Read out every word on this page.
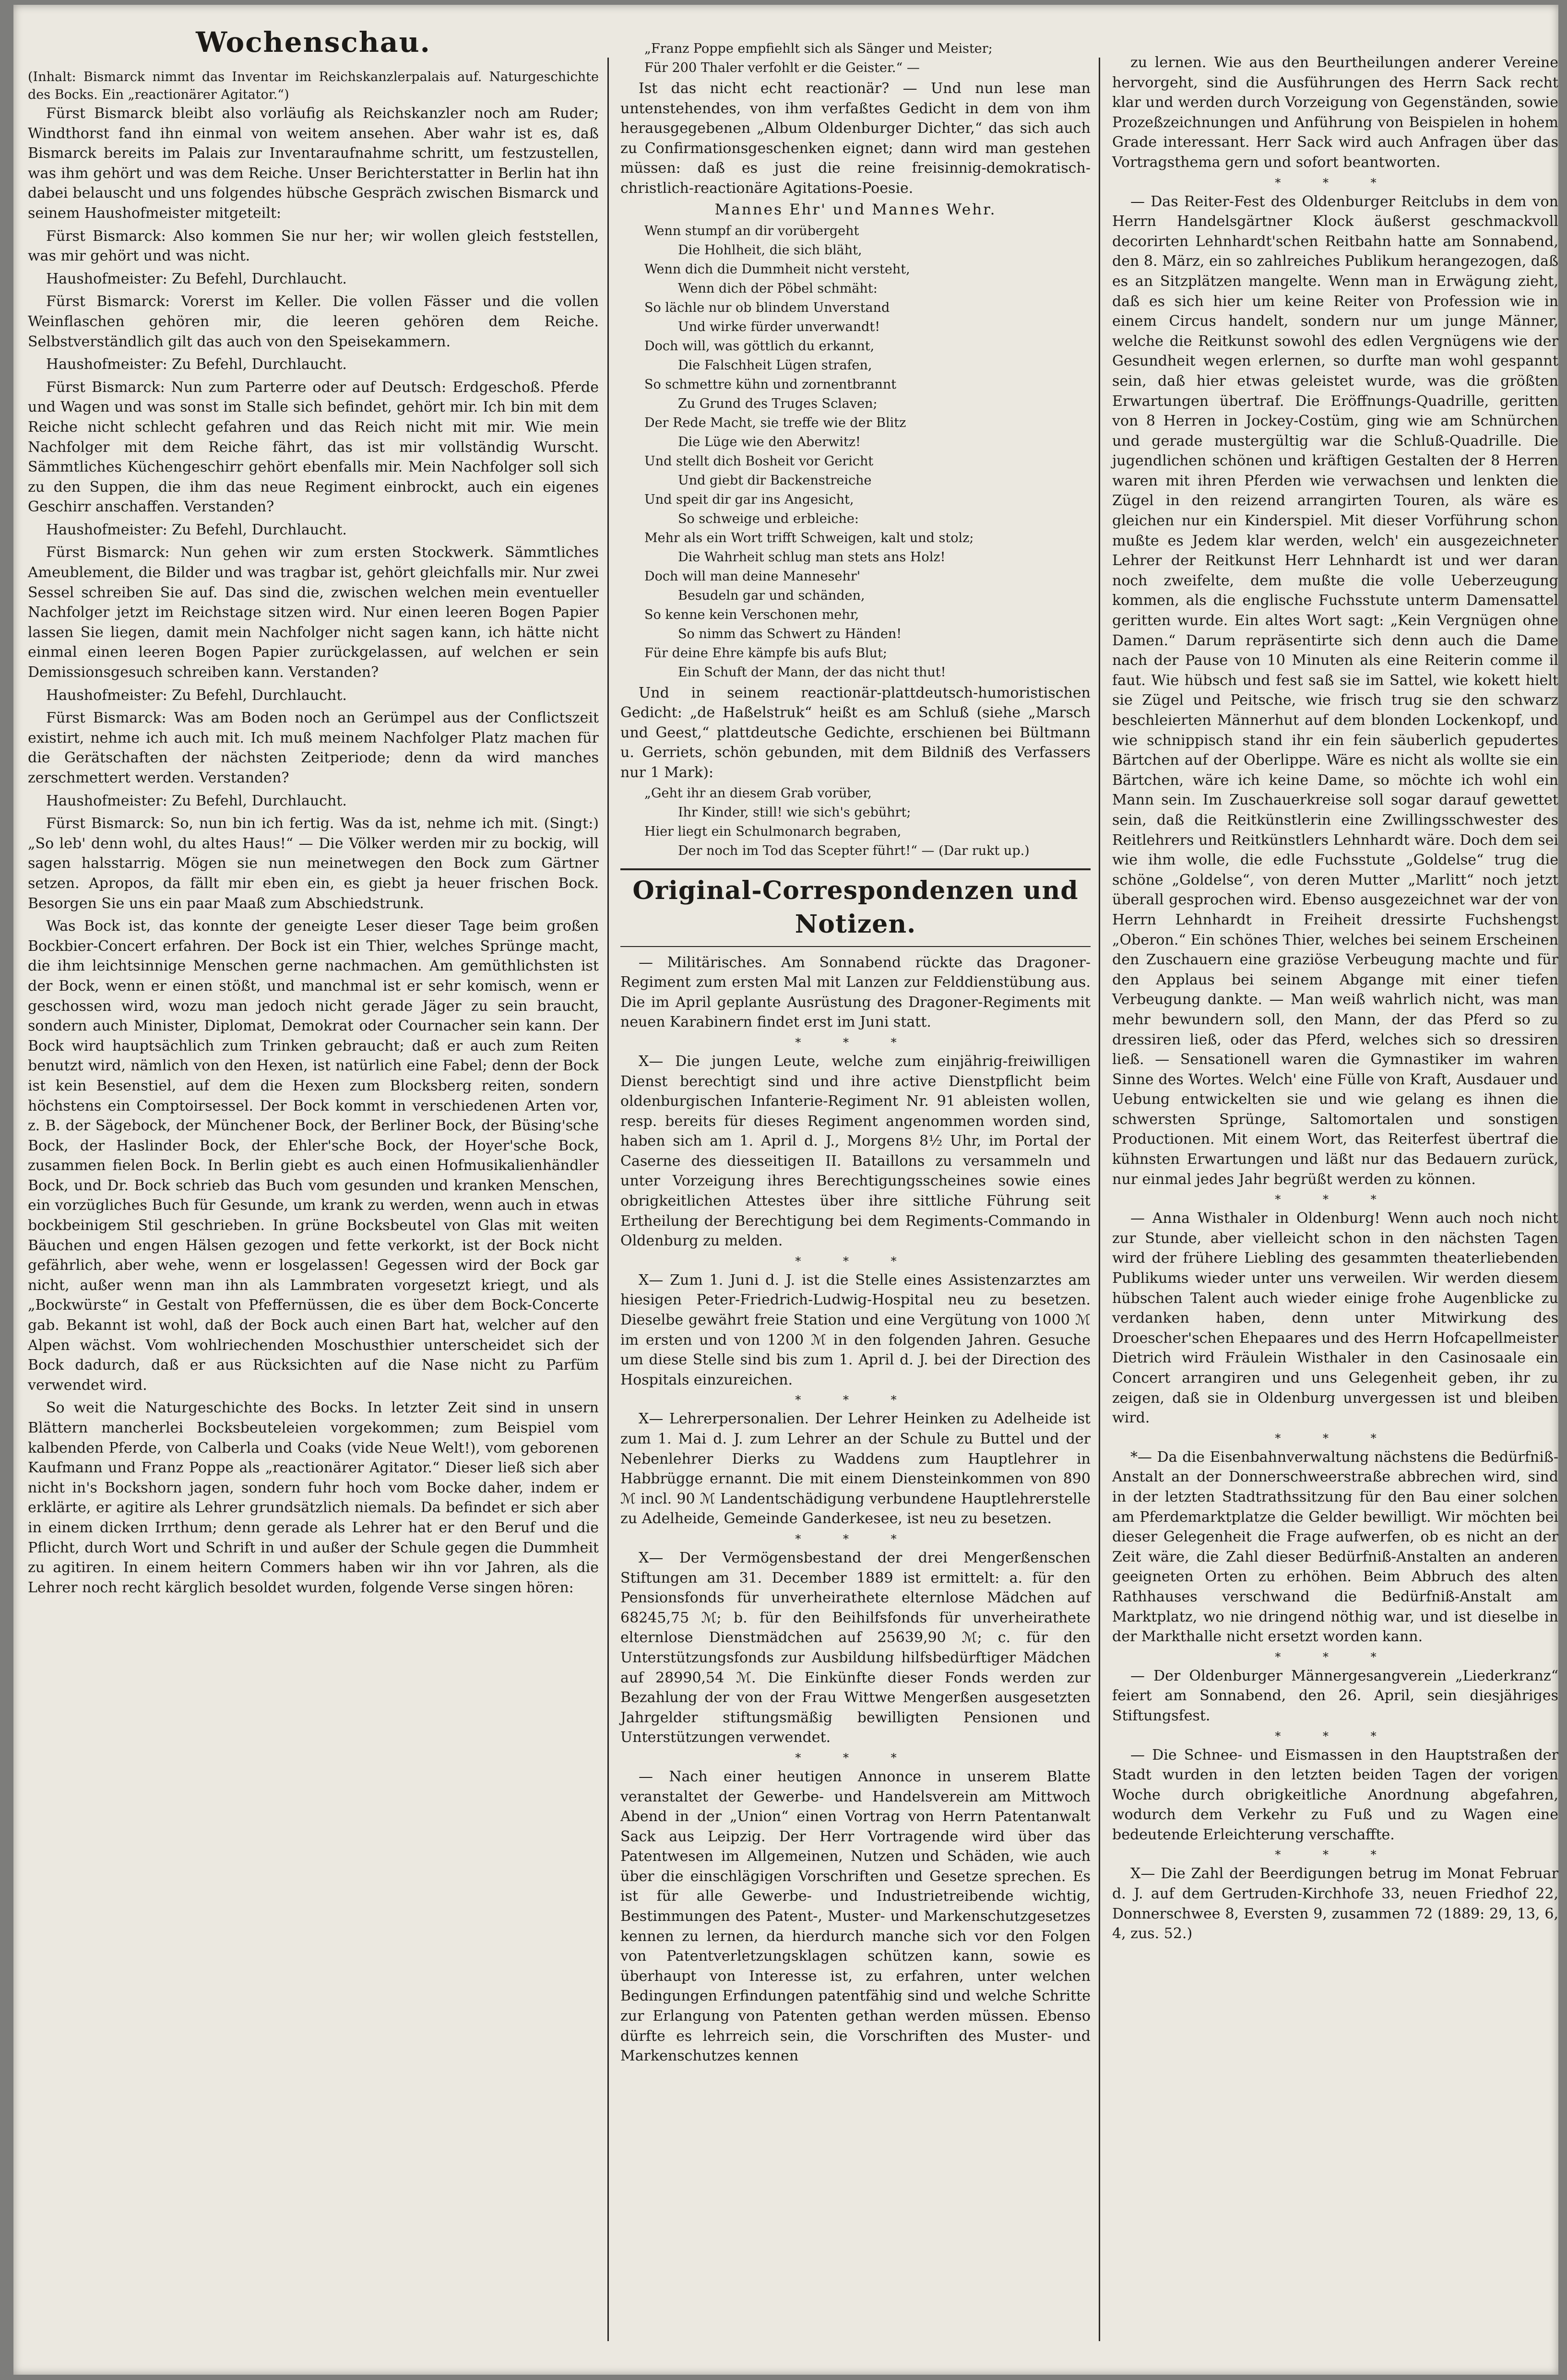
Wochenschau.

(Inhalt: Bismarck nimmt das Inventar im Reichskanzlerpalais auf. Naturgeschichte des Bocks. Ein „reactionärer Agitator.“)

Fürst Bismarck bleibt also vorläufig als Reichskanzler noch am Ruder; Windthorst fand ihn einmal von weitem ansehen. Aber wahr ist es, daß Bismarck bereits im Palais zur Inventaraufnahme schritt, um festzustellen, was ihm gehört und was dem Reiche. Unser Berichterstatter in Berlin hat ihn dabei belauscht und uns folgendes hübsche Gespräch zwischen Bismarck und seinem Haushofmeister mitgeteilt:

Fürst Bismarck: Also kommen Sie nur her; wir wollen gleich feststellen, was mir gehört und was nicht.

Haushofmeister: Zu Befehl, Durchlaucht.

Fürst Bismarck: Vorerst im Keller. Die vollen Fässer und die vollen Weinflaschen gehören mir, die leeren gehören dem Reiche. Selbstverständlich gilt das auch von den Speisekammern.

Haushofmeister: Zu Befehl, Durchlaucht.

Fürst Bismarck: Nun zum Parterre oder auf Deutsch: Erdgeschoß. Pferde und Wagen und was sonst im Stalle sich befindet, gehört mir. Ich bin mit dem Reiche nicht schlecht gefahren und das Reich nicht mit mir. Wie mein Nachfolger mit dem Reiche fährt, das ist mir vollständig Wurscht. Sämmtliches Küchengeschirr gehört ebenfalls mir. Mein Nachfolger soll sich zu den Suppen, die ihm das neue Regiment einbrockt, auch ein eigenes Geschirr anschaffen. Verstanden?

Haushofmeister: Zu Befehl, Durchlaucht.

Fürst Bismarck: Nun gehen wir zum ersten Stockwerk. Sämmtliches Ameublement, die Bilder und was tragbar ist, gehört gleichfalls mir. Nur zwei Sessel schreiben Sie auf. Das sind die, zwischen welchen mein eventueller Nachfolger jetzt im Reichstage sitzen wird. Nur einen leeren Bogen Papier lassen Sie liegen, damit mein Nachfolger nicht sagen kann, ich hätte nicht einmal einen leeren Bogen Papier zurückgelassen, auf welchen er sein Demissionsgesuch schreiben kann. Verstanden?

Haushofmeister: Zu Befehl, Durchlaucht.

Fürst Bismarck: Was am Boden noch an Gerümpel aus der Conflictszeit existirt, nehme ich auch mit. Ich muß meinem Nachfolger Platz machen für die Gerätschaften der nächsten Zeitperiode; denn da wird manches zerschmettert werden. Verstanden?

Haushofmeister: Zu Befehl, Durchlaucht.

Fürst Bismarck: So, nun bin ich fertig. Was da ist, nehme ich mit. (Singt:) „So leb' denn wohl, du altes Haus!“ — Die Völker werden mir zu bockig, will sagen halsstarrig. Mögen sie nun meinetwegen den Bock zum Gärtner setzen. Apropos, da fällt mir eben ein, es giebt ja heuer frischen Bock. Besorgen Sie uns ein paar Maaß zum Abschiedstrunk.

Was Bock ist, das konnte der geneigte Leser dieser Tage beim großen Bockbier-Concert erfahren. Der Bock ist ein Thier, welches Sprünge macht, die ihm leichtsinnige Menschen gerne nachmachen. Am gemüthlichsten ist der Bock, wenn er einen stößt, und manchmal ist er sehr komisch, wenn er geschossen wird, wozu man jedoch nicht gerade Jäger zu sein braucht, sondern auch Minister, Diplomat, Demokrat oder Cournacher sein kann. Der Bock wird hauptsächlich zum Trinken gebraucht; daß er auch zum Reiten benutzt wird, nämlich von den Hexen, ist natürlich eine Fabel; denn der Bock ist kein Besenstiel, auf dem die Hexen zum Blocksberg reiten, sondern höchstens ein Comptoirsessel. Der Bock kommt in verschiedenen Arten vor, z. B. der Sägebock, der Münchener Bock, der Berliner Bock, der Büsing'sche Bock, der Haslinder Bock, der Ehler'sche Bock, der Hoyer'sche Bock, zusammen fielen Bock. In Berlin giebt es auch einen Hofmusikalienhändler Bock, und Dr. Bock schrieb das Buch vom gesunden und kranken Menschen, ein vorzügliches Buch für Gesunde, um krank zu werden, wenn auch in etwas bockbeinigem Stil geschrieben. In grüne Bocksbeutel von Glas mit weiten Bäuchen und engen Hälsen gezogen und fette verkorkt, ist der Bock nicht gefährlich, aber wehe, wenn er losgelassen! Gegessen wird der Bock gar nicht, außer wenn man ihn als Lammbraten vorgesetzt kriegt, und als „Bockwürste“ in Gestalt von Pfeffernüssen, die es über dem Bock-Concerte gab. Bekannt ist wohl, daß der Bock auch einen Bart hat, welcher auf den Alpen wächst. Vom wohlriechenden Moschusthier unterscheidet sich der Bock dadurch, daß er aus Rücksichten auf die Nase nicht zu Parfüm verwendet wird.

So weit die Naturgeschichte des Bocks. In letzter Zeit sind in unsern Blättern mancherlei Bocksbeuteleien vorgekommen; zum Beispiel vom kalbenden Pferde, von Calberla und Coaks (vide Neue Welt!), vom geborenen Kaufmann und Franz Poppe als „reactionärer Agitator.“ Dieser ließ sich aber nicht in's Bockshorn jagen, sondern fuhr hoch vom Bocke daher, indem er erklärte, er agitire als Lehrer grundsätzlich niemals. Da befindet er sich aber in einem dicken Irrthum; denn gerade als Lehrer hat er den Beruf und die Pflicht, durch Wort und Schrift in und außer der Schule gegen die Dummheit zu agitiren. In einem heitern Commers haben wir ihn vor Jahren, als die Lehrer noch recht kärglich besoldet wurden, folgende Verse singen hören:

„Franz Poppe empfiehlt sich als Sänger und Meister;
Für 200 Thaler verfohlt er die Geister.“ —

Ist das nicht echt reactionär? — Und nun lese man untenstehendes, von ihm verfaßtes Gedicht in dem von ihm herausgegebenen „Album Oldenburger Dichter,“ das sich auch zu Confirmationsgeschenken eignet; dann wird man gestehen müssen: daß es just die reine freisinnig-demokratisch-christlich-reactionäre Agitations-Poesie.

Mannes Ehr' und Mannes Wehr.
Wenn stumpf an dir vorübergeht
Die Hohlheit, die sich bläht,
Wenn dich die Dummheit nicht versteht,
Wenn dich der Pöbel schmäht:
So lächle nur ob blindem Unverstand
Und wirke fürder unverwandt!
Doch will, was göttlich du erkannt,
Die Falschheit Lügen strafen,
So schmettre kühn und zornentbrannt
Zu Grund des Truges Sclaven;
Der Rede Macht, sie treffe wie der Blitz
Die Lüge wie den Aberwitz!
Und stellt dich Bosheit vor Gericht
Und giebt dir Backenstreiche
Und speit dir gar ins Angesicht,
So schweige und erbleiche:
Mehr als ein Wort trifft Schweigen, kalt und stolz;
Die Wahrheit schlug man stets ans Holz!
Doch will man deine Mannesehr'
Besudeln gar und schänden,
So kenne kein Verschonen mehr,
So nimm das Schwert zu Händen!
Für deine Ehre kämpfe bis aufs Blut;
Ein Schuft der Mann, der das nicht thut!

Und in seinem reactionär-plattdeutsch-humoristischen Gedicht: „de Haßelstruk“ heißt es am Schluß (siehe „Marsch und Geest,“ plattdeutsche Gedichte, erschienen bei Bültmann u. Gerriets, schön gebunden, mit dem Bildniß des Verfassers nur 1 Mark):

„Geht ihr an diesem Grab vorüber,
Ihr Kinder, still! wie sich's gebührt;
Hier liegt ein Schulmonarch begraben,
Der noch im Tod das Scepter führt!“ — (Dar rukt up.)
Original-Correspondenzen und Notizen.

— Militärisches. Am Sonnabend rückte das Dragoner-Regiment zum ersten Mal mit Lanzen zur Felddienstübung aus. Die im April geplante Ausrüstung des Dragoner-Regiments mit neuen Karabinern findet erst im Juni statt.

* * *

X— Die jungen Leute, welche zum einjährig-freiwilligen Dienst berechtigt sind und ihre active Dienstpflicht beim oldenburgischen Infanterie-Regiment Nr. 91 ableisten wollen, resp. bereits für dieses Regiment angenommen worden sind, haben sich am 1. April d. J., Morgens 8½ Uhr, im Portal der Caserne des diesseitigen II. Bataillons zu versammeln und unter Vorzeigung ihres Berechtigungsscheines sowie eines obrigkeitlichen Attestes über ihre sittliche Führung seit Ertheilung der Berechtigung bei dem Regiments-Commando in Oldenburg zu melden.

* * *

X— Zum 1. Juni d. J. ist die Stelle eines Assistenzarztes am hiesigen Peter-Friedrich-Ludwig-Hospital neu zu besetzen. Dieselbe gewährt freie Station und eine Vergütung von 1000 ℳ im ersten und von 1200 ℳ in den folgenden Jahren. Gesuche um diese Stelle sind bis zum 1. April d. J. bei der Direction des Hospitals einzureichen.

* * *

X— Lehrerpersonalien. Der Lehrer Heinken zu Adelheide ist zum 1. Mai d. J. zum Lehrer an der Schule zu Buttel und der Nebenlehrer Dierks zu Waddens zum Hauptlehrer in Habbrügge ernannt. Die mit einem Diensteinkommen von 890 ℳ incl. 90 ℳ Landentschädigung verbundene Hauptlehrerstelle zu Adelheide, Gemeinde Ganderkesee, ist neu zu besetzen.

* * *

X— Der Vermögensbestand der drei Mengerßenschen Stiftungen am 31. December 1889 ist ermittelt: a. für den Pensionsfonds für unverheirathete elternlose Mädchen auf 68245,75 ℳ; b. für den Beihilfsfonds für unverheirathete elternlose Dienstmädchen auf 25639,90 ℳ; c. für den Unterstützungsfonds zur Ausbildung hilfsbedürftiger Mädchen auf 28990,54 ℳ. Die Einkünfte dieser Fonds werden zur Bezahlung der von der Frau Wittwe Mengerßen ausgesetzten Jahrgelder stiftungsmäßig bewilligten Pensionen und Unterstützungen verwendet.

* * *

— Nach einer heutigen Annonce in unserem Blatte veranstaltet der Gewerbe- und Handelsverein am Mittwoch Abend in der „Union“ einen Vortrag von Herrn Patentanwalt Sack aus Leipzig. Der Herr Vortragende wird über das Patentwesen im Allgemeinen, Nutzen und Schäden, wie auch über die einschlägigen Vorschriften und Gesetze sprechen. Es ist für alle Gewerbe- und Industrietreibende wichtig, Bestimmungen des Patent-, Muster- und Markenschutzgesetzes kennen zu lernen, da hierdurch manche sich vor den Folgen von Patentverletzungsklagen schützen kann, sowie es überhaupt von Interesse ist, zu erfahren, unter welchen Bedingungen Erfindungen patentfähig sind und welche Schritte zur Erlangung von Patenten gethan werden müssen. Ebenso dürfte es lehrreich sein, die Vorschriften des Muster- und Markenschutzes kennen

zu lernen. Wie aus den Beurtheilungen anderer Vereine hervorgeht, sind die Ausführungen des Herrn Sack recht klar und werden durch Vorzeigung von Gegenständen, sowie Prozeßzeichnungen und Anführung von Beispielen in hohem Grade interessant. Herr Sack wird auch Anfragen über das Vortragsthema gern und sofort beantworten.

* * *

— Das Reiter-Fest des Oldenburger Reitclubs in dem von Herrn Handelsgärtner Klock äußerst geschmackvoll decorirten Lehnhardt'schen Reitbahn hatte am Sonnabend, den 8. März, ein so zahlreiches Publikum herangezogen, daß es an Sitzplätzen mangelte. Wenn man in Erwägung zieht, daß es sich hier um keine Reiter von Profession wie in einem Circus handelt, sondern nur um junge Männer, welche die Reitkunst sowohl des edlen Vergnügens wie der Gesundheit wegen erlernen, so durfte man wohl gespannt sein, daß hier etwas geleistet wurde, was die größten Erwartungen übertraf. Die Eröffnungs-Quadrille, geritten von 8 Herren in Jockey-Costüm, ging wie am Schnürchen und gerade mustergültig war die Schluß-Quadrille. Die jugendlichen schönen und kräftigen Gestalten der 8 Herren waren mit ihren Pferden wie verwachsen und lenkten die Zügel in den reizend arrangirten Touren, als wäre es gleichen nur ein Kinderspiel. Mit dieser Vorführung schon mußte es Jedem klar werden, welch' ein ausgezeichneter Lehrer der Reitkunst Herr Lehnhardt ist und wer daran noch zweifelte, dem mußte die volle Ueberzeugung kommen, als die englische Fuchsstute unterm Damensattel geritten wurde. Ein altes Wort sagt: „Kein Vergnügen ohne Damen.“ Darum repräsentirte sich denn auch die Dame nach der Pause von 10 Minuten als eine Reiterin comme il faut. Wie hübsch und fest saß sie im Sattel, wie kokett hielt sie Zügel und Peitsche, wie frisch trug sie den schwarz beschleierten Männerhut auf dem blonden Lockenkopf, und wie schnippisch stand ihr ein fein säuberlich gepudertes Bärtchen auf der Oberlippe. Wäre es nicht als wollte sie ein Bärtchen, wäre ich keine Dame, so möchte ich wohl ein Mann sein. Im Zuschauerkreise soll sogar darauf gewettet sein, daß die Reitkünstlerin eine Zwillingsschwester des Reitlehrers und Reitkünstlers Lehnhardt wäre. Doch dem sei wie ihm wolle, die edle Fuchsstute „Goldelse“ trug die schöne „Goldelse“, von deren Mutter „Marlitt“ noch jetzt überall gesprochen wird. Ebenso ausgezeichnet war der von Herrn Lehnhardt in Freiheit dressirte Fuchshengst „Oberon.“ Ein schönes Thier, welches bei seinem Erscheinen den Zuschauern eine graziöse Verbeugung machte und für den Applaus bei seinem Abgange mit einer tiefen Verbeugung dankte. — Man weiß wahrlich nicht, was man mehr bewundern soll, den Mann, der das Pferd so zu dressiren ließ, oder das Pferd, welches sich so dressiren ließ. — Sensationell waren die Gymnastiker im wahren Sinne des Wortes. Welch' eine Fülle von Kraft, Ausdauer und Uebung entwickelten sie und wie gelang es ihnen die schwersten Sprünge, Saltomortalen und sonstigen Productionen. Mit einem Wort, das Reiterfest übertraf die kühnsten Erwartungen und läßt nur das Bedauern zurück, nur einmal jedes Jahr begrüßt werden zu können.

* * *

— Anna Wisthaler in Oldenburg! Wenn auch noch nicht zur Stunde, aber vielleicht schon in den nächsten Tagen wird der frühere Liebling des gesammten theaterliebenden Publikums wieder unter uns verweilen. Wir werden diesem hübschen Talent auch wieder einige frohe Augenblicke zu verdanken haben, denn unter Mitwirkung des Droescher'schen Ehepaares und des Herrn Hofcapellmeister Dietrich wird Fräulein Wisthaler in den Casinosaale ein Concert arrangiren und uns Gelegenheit geben, ihr zu zeigen, daß sie in Oldenburg unvergessen ist und bleiben wird.

* * *

*— Da die Eisenbahnverwaltung nächstens die Bedürfniß-Anstalt an der Donnerschweerstraße abbrechen wird, sind in der letzten Stadtrathssitzung für den Bau einer solchen am Pferdemarktplatze die Gelder bewilligt. Wir möchten bei dieser Gelegenheit die Frage aufwerfen, ob es nicht an der Zeit wäre, die Zahl dieser Bedürfniß-Anstalten an anderen geeigneten Orten zu erhöhen. Beim Abbruch des alten Rathhauses verschwand die Bedürfniß-Anstalt am Marktplatz, wo nie dringend nöthig war, und ist dieselbe in der Markthalle nicht ersetzt worden kann.

* * *

— Der Oldenburger Männergesangverein „Liederkranz“ feiert am Sonnabend, den 26. April, sein diesjähriges Stiftungsfest.

* * *

— Die Schnee- und Eismassen in den Hauptstraßen der Stadt wurden in den letzten beiden Tagen der vorigen Woche durch obrigkeitliche Anordnung abgefahren, wodurch dem Verkehr zu Fuß und zu Wagen eine bedeutende Erleichterung verschaffte.

* * *

X— Die Zahl der Beerdigungen betrug im Monat Februar d. J. auf dem Gertruden-Kirchhofe 33, neuen Friedhof 22, Donnerschwee 8, Eversten 9, zusammen 72 (1889: 29, 13, 6, 4, zus. 52.)
